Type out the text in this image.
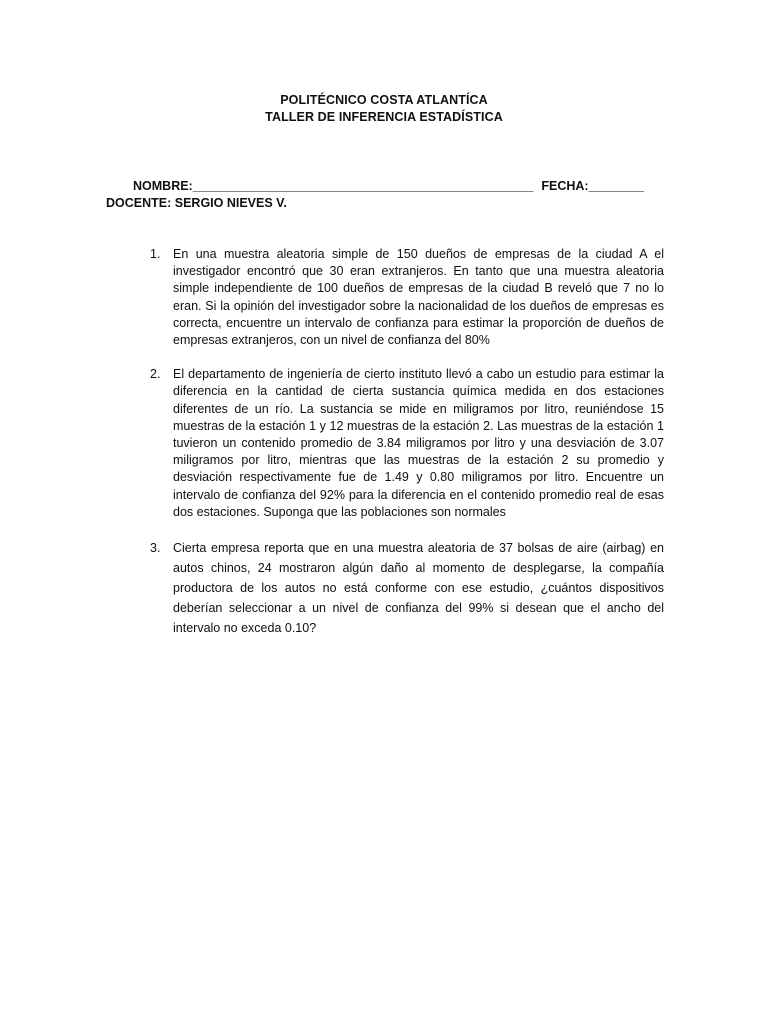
POLITÉCNICO COSTA ATLANTÍCA
TALLER DE INFERENCIA ESTADÍSTICA
NOMBRE:_________________________________________________ FECHA:________
DOCENTE: SERGIO NIEVES V.
1.	En una muestra aleatoria simple de 150 dueños de empresas de la ciudad A el investigador encontró que 30 eran extranjeros. En tanto que una muestra aleatoria simple independiente de 100 dueños de empresas de la ciudad B reveló que 7 no lo eran. Si la opinión del investigador sobre la nacionalidad de los dueños de empresas es correcta, encuentre un intervalo de confianza para estimar la proporción de dueños de empresas extranjeros, con un nivel de confianza del 80%
2.	El departamento de ingeniería de cierto instituto llevó a cabo un estudio para estimar la diferencia en la cantidad de cierta sustancia química medida en dos estaciones diferentes de un río. La sustancia se mide en miligramos por litro, reuniéndose 15 muestras de la estación 1 y 12 muestras de la estación 2. Las muestras de la estación 1 tuvieron un contenido promedio de 3.84 miligramos por litro y una desviación de 3.07 miligramos por litro, mientras que las muestras de la estación 2 su promedio y desviación respectivamente fue de 1.49 y 0.80 miligramos por litro. Encuentre un intervalo de confianza del 92% para la diferencia en el contenido promedio real de esas dos estaciones. Suponga que las poblaciones son normales
3.	Cierta empresa reporta que en una muestra aleatoria de 37 bolsas de aire (airbag) en autos chinos, 24 mostraron algún daño al momento de desplegarse, la compañía productora de los autos no está conforme con ese estudio, ¿cuántos dispositivos deberían seleccionar a un nivel de confianza del 99% si desean que el ancho del intervalo no exceda 0.10?
